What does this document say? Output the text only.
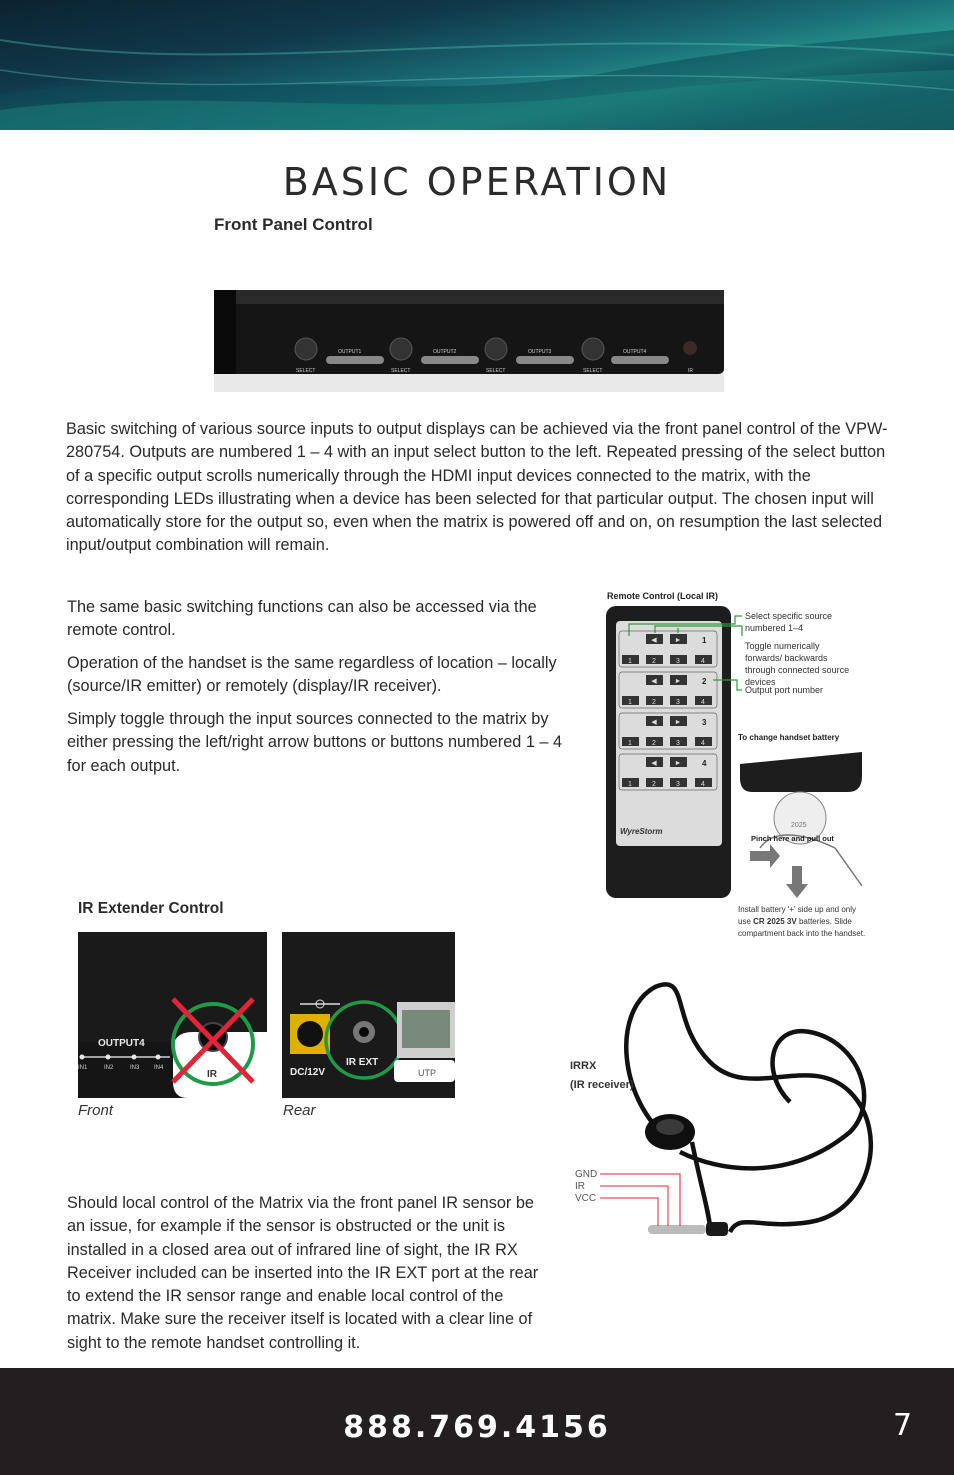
BASIC OPERATION
Front Panel Control
SELECT	SELECT	SELECT	SELECT
OUTPUT1	OUTPUT2	OUTPUT3	OUTPUT4
IR
Basic switching of various source inputs to output displays can be achieved via the front panel control of the VPW-280754. Outputs are numbered 1 – 4 with an input select button to the left. Repeated pressing of the select button of a specific output scrolls numerically through the HDMI input devices connected to the matrix, with the corresponding LEDs illustrating when a device has been selected for that particular output. The chosen input will automatically store for the output so, even when the matrix is powered off and on, on resumption the last selected input/output combination will remain.
The same basic switching functions can also be accessed via the remote control.
Operation of the handset is the same regardless of location – locally (source/IR emitter) or remotely (display/IR receiver).
Simply toggle through the input sources connected to the matrix by either pressing the left/right arrow buttons or buttons numbered 1 – 4 for each output.
Remote Control (Local IR)
◀	►
◀	►
◀	►
◀	►
1	2	3	4
1	2	3	4
1	2	3	4
1	2	3	4
1
2
3
4
WyreStorm
Select specific source numbered 1–4
Toggle numerically forwards/ backwards through connected source devices
Output port number
To change handset battery
2025
Pinch here and pull out
Install battery '+' side up and only use CR 2025 3V batteries. Slide compartment back into the handset.
IR Extender Control
OUTPUT4
IN1	IN2	IN3 IN4
IR
Front
DC/12V
IR EXT
UTP
Rear
GND
IR
VCC
IRRX
(IR receiver)
Should local control of the Matrix via the front panel IR sensor be an issue, for example if the sensor is obstructed or the unit is installed in a closed area out of infrared line of sight, the IR RX Receiver included can be inserted into the IR EXT port at the rear to extend the IR sensor range and enable local control of the matrix. Make sure the receiver itself is located with a clear line of sight to the remote handset controlling it.
888.769.4156	7
